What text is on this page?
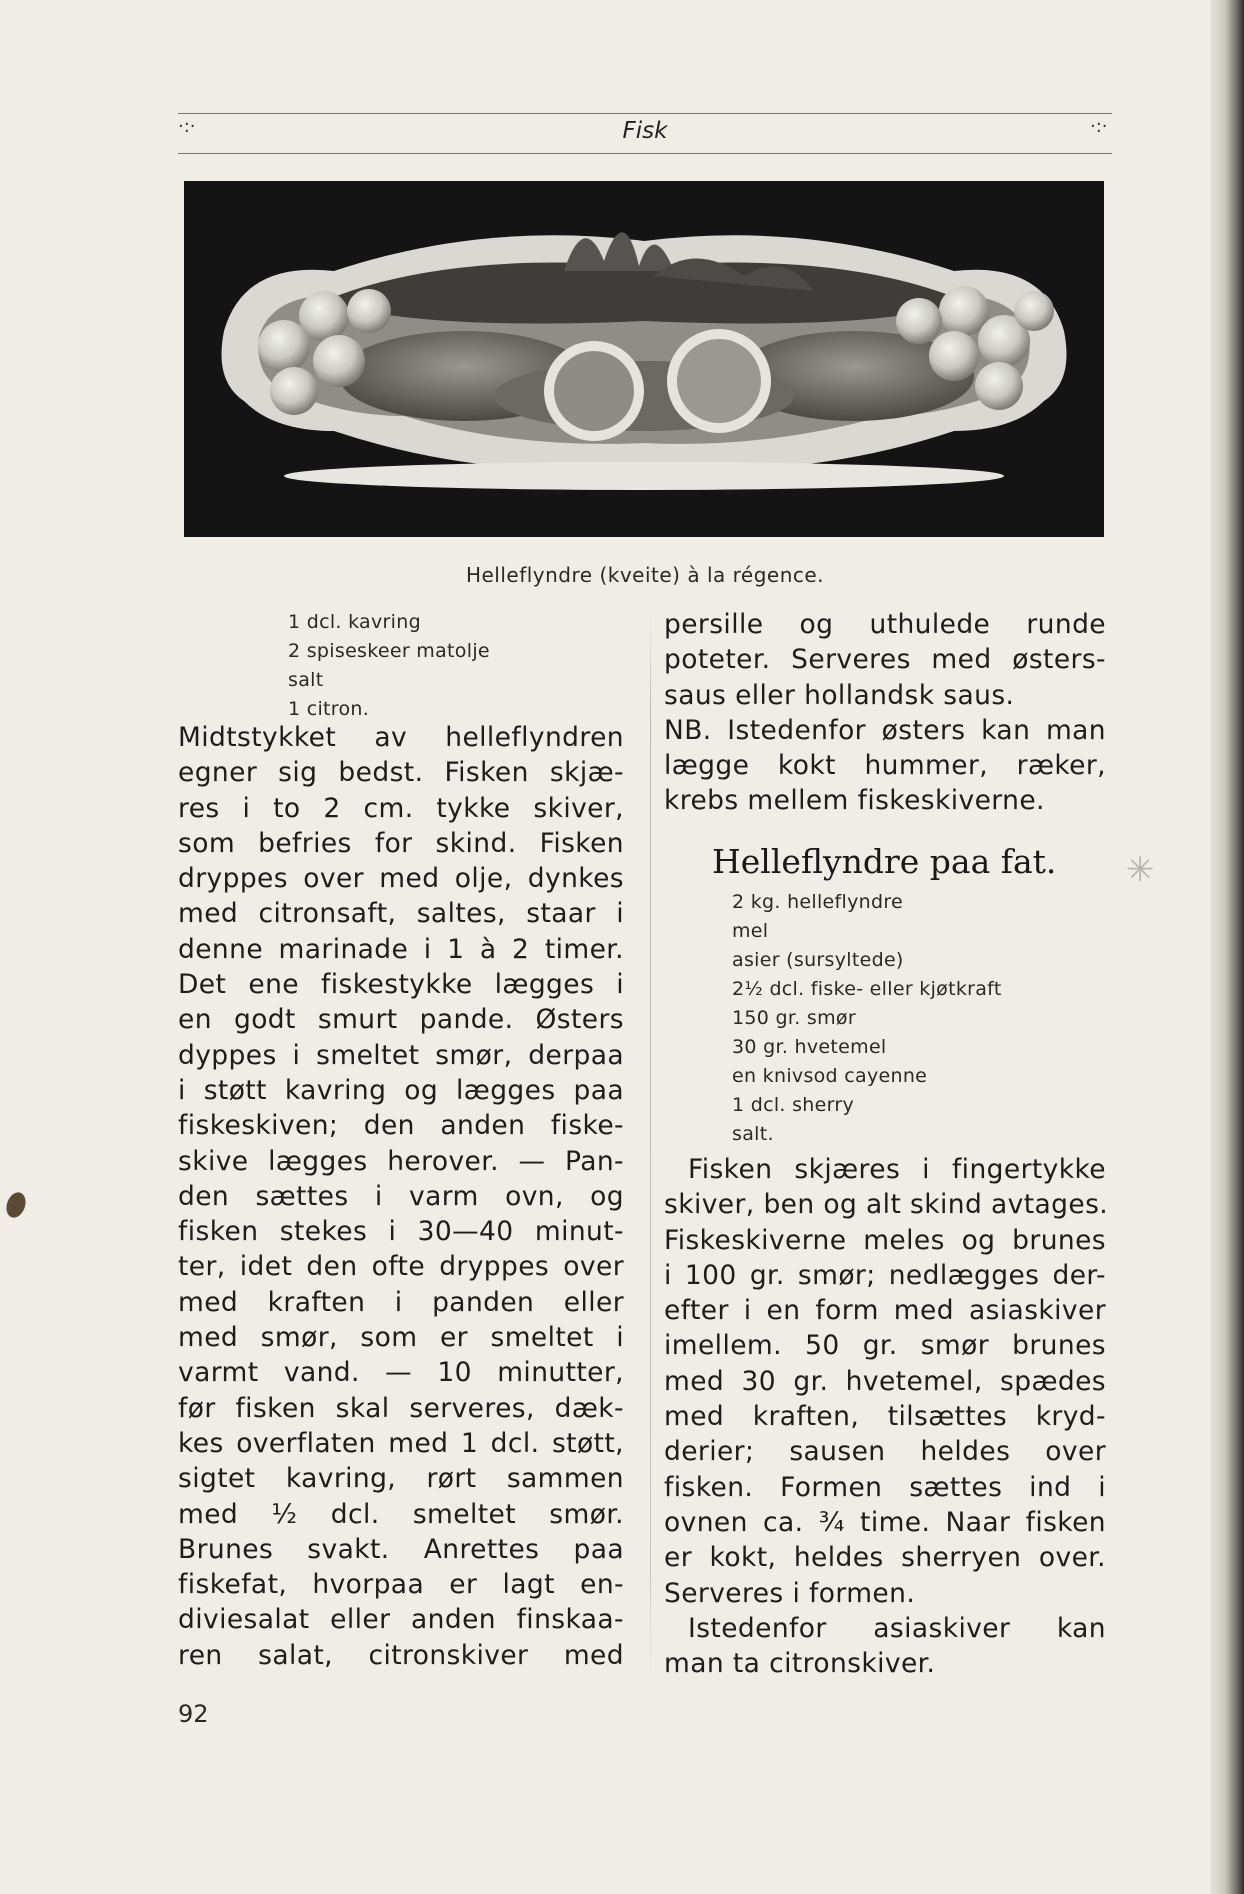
·:·	·:·
Fisk
Helleflyndre (kveite) à la régence.
1 dcl. kavring
2 spiseskeer matolje
salt
1 citron.
Midtstykket av helleflyndren
egner sig bedst. Fisken skjæ-
res i to 2 cm. tykke skiver,
som befries for skind. Fisken
dryppes over med olje, dynkes
med citronsaft, saltes, staar i
denne marinade i 1 à 2 timer.
Det ene fiskestykke lægges i
en godt smurt pande. Østers
dyppes i smeltet smør, derpaa
i støtt kavring og lægges paa
fiskeskiven; den anden fiske-
skive lægges herover. — Pan-
den sættes i varm ovn, og
fisken stekes i 30—40 minut-
ter, idet den ofte dryppes over
med kraften i panden eller
med smør, som er smeltet i
varmt vand. — 10 minutter,
før fisken skal serveres, dæk-
kes overflaten med 1 dcl. støtt,
sigtet kavring, rørt sammen
med ½ dcl. smeltet smør.
Brunes svakt. Anrettes paa
fiskefat, hvorpaa er lagt en-
diviesalat eller anden finskaa-
ren salat, citronskiver med
persille og uthulede runde
poteter. Serveres med østers-
saus eller hollandsk saus.
NB. Istedenfor østers kan man
lægge kokt hummer, ræker,
krebs mellem fiskeskiverne.
Helleflyndre paa fat. ✳
2 kg. helleflyndre
mel
asier (sursyltede)
2½ dcl. fiske- eller kjøtkraft
150 gr. smør
30 gr. hvetemel
en knivsod cayenne
1 dcl. sherry
salt.
Fisken skjæres i fingertykke
skiver, ben og alt skind avtages.
Fiskeskiverne meles og brunes
i 100 gr. smør; nedlægges der-
efter i en form med asiaskiver
imellem. 50 gr. smør brunes
med 30 gr. hvetemel, spædes
med kraften, tilsættes kryd-
derier; sausen heldes over
fisken. Formen sættes ind i
ovnen ca. ¾ time. Naar fisken
er kokt, heldes sherryen over.
Serveres i formen.
Istedenfor asiaskiver kan
man ta citronskiver.
92
